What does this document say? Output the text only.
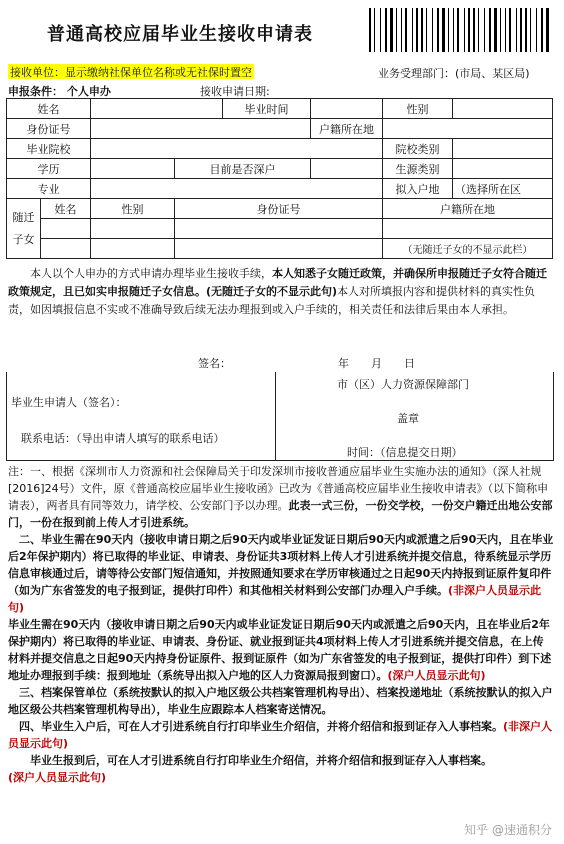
普通高校应届毕业生接收申请表
接收单位：显示缴纳社保单位名称或无社保时置空	业务受理部门：(市局、某区局)
申报条件： 个人申办	接收申请日期:
姓名				毕业时间		性别	
身份证号					户籍所在地		
毕业院校						院校类别	
学历			目前是否深户			生源类别	
专业						拟入户地	（选择所在区
随迁子女	姓名	性别	身份证号			户籍所在地	

						（无随迁子女的不显示此栏）	
本人以个人申办的方式申请办理毕业生接收手续，本人知悉子女随迁政策，并确保所申报随迁子女符合随迁政策规定，且已如实申报随迁子女信息。(无随迁子女的不显示此句)本人对所填报内容和提供材料的真实性负责，如因填报信息不实或不准确导致后续无法办理报到或入户手续的，相关责任和法律后果由本人承担。
签名：	年　　月　　日
市（区）人力资源保障部门
毕业生申请人（签名）：
盖章
联系电话：（导出申请人填写的联系电话）
时间：（信息提交日期）
注：一、根据《深圳市人力资源和社会保障局关于印发深圳市接收普通应届毕业生实施办法的通知》（深人社规[2016]24号）文件，原《普通高校应届毕业生接收函》已改为《普通高校应届毕业生接收申请表》（以下简称申请表），两者具有同等效力，请学校、公安部门予以办理。此表一式三份，一份交学校，一份交户籍迁出地公安部门，一份在报到前上传人才引进系统。
二、毕业生需在90天内（接收申请日期之后90天内或毕业证发证日期后90天内或派遣之后90天内，且在毕业后2年保护期内）将已取得的毕业证、申请表、身份证共3项材料上传人才引进系统并提交信息，待系统显示学历信息审核通过后，请等待公安部门短信通知，并按照通知要求在学历审核通过之日起90天内持报到证原件复印件（如为广东省签发的电子报到证，提供打印件）和其他相关材料到公安部门办理入户手续。(非深户人员显示此句)
毕业生需在90天内（接收申请日期之后90天内或毕业证发证日期后90天内或派遣之后90天内，且在毕业后2年保护期内）将已取得的毕业证、申请表、身份证、就业报到证共4项材料上传人才引进系统并提交信息，在上传材料并提交信息之日起90天内持身份证原件、报到证原件（如为广东省签发的电子报到证，提供打印件）到下述地址办理报到手续：报到地址（系统导出拟入户地的区人力资源局报到窗口）。(深户人员显示此句)
三、档案保管单位（系统按默认的拟入户地区级公共档案管理机构导出）、档案投递地址（系统按默认的拟入户地区级公共档案管理机构导出），毕业生应跟踪本人档案寄送情况。
四、毕业生入户后，可在人才引进系统自行打印毕业生介绍信，并将介绍信和报到证存入人事档案。(非深户人员显示此句)
毕业生报到后，可在人才引进系统自行打印毕业生介绍信，并将介绍信和报到证存入人事档案。
(深户人员显示此句)
知乎 @速通积分
